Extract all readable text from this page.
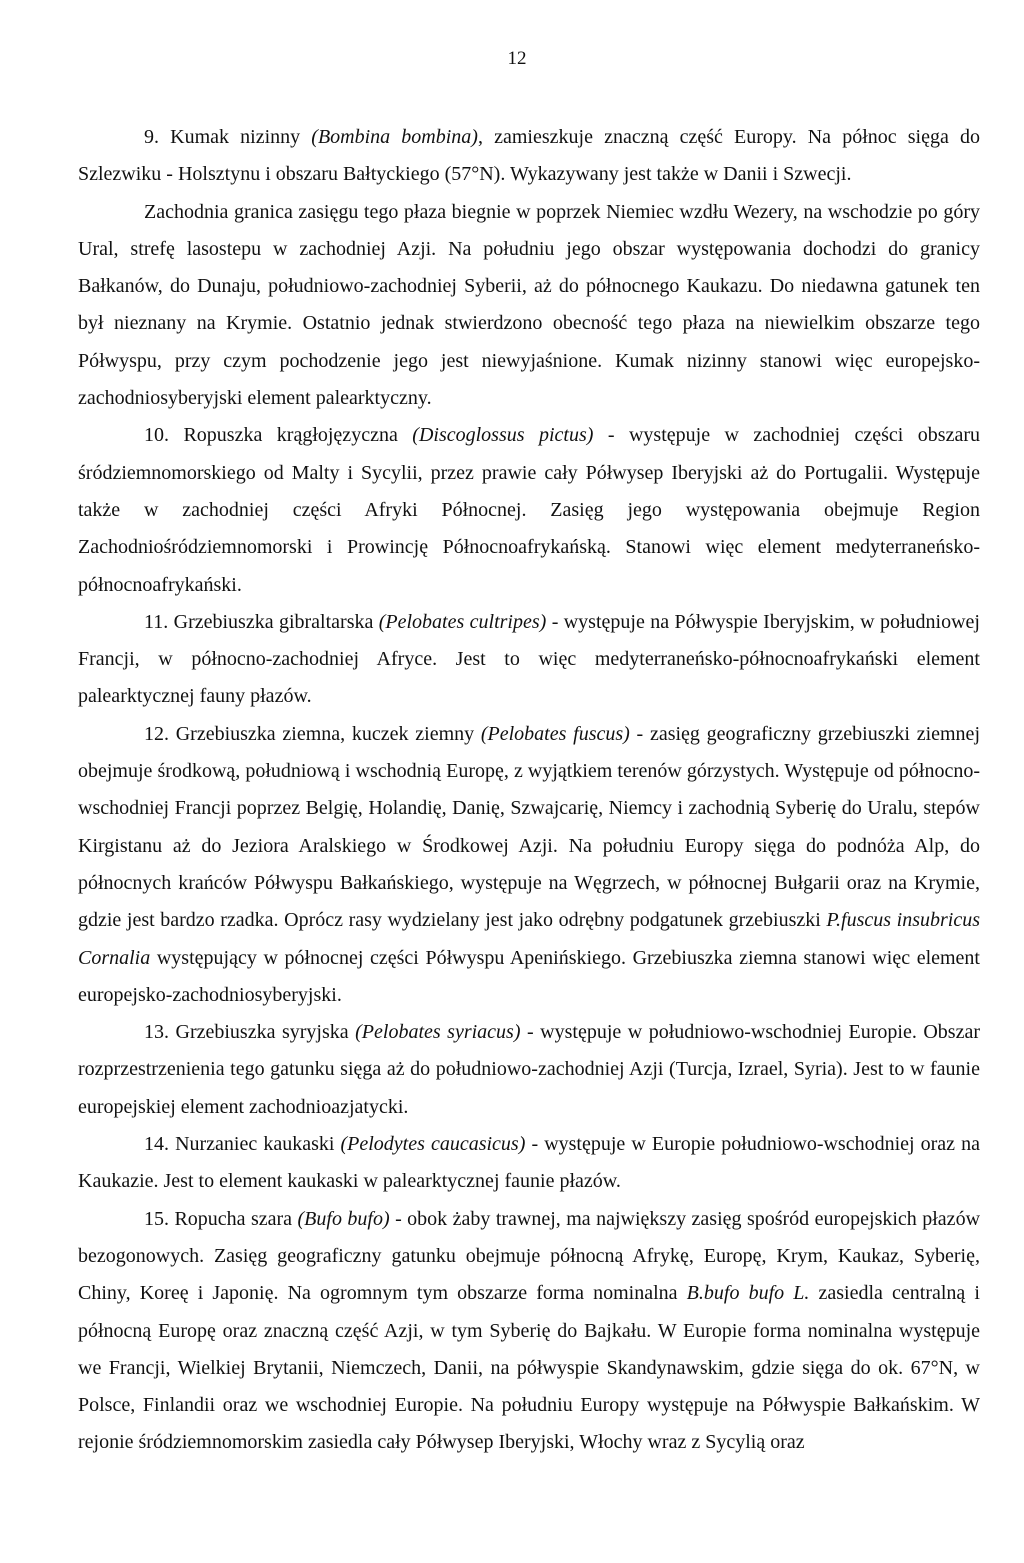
12

9. Kumak nizinny (Bombina bombina), zamieszkuje znaczną część Europy. Na północ sięga do Szlezwiku - Holsztynu i obszaru Bałtyckiego (57°N). Wykazywany jest także w Danii i Szwecji.

Zachodnia granica zasięgu tego płaza biegnie w poprzek Niemiec wzdłu Wezery, na wschodzie po góry Ural, strefę lasostepu w zachodniej Azji. Na południu jego obszar występowania dochodzi do granicy Bałkanów, do Dunaju, południowo-zachodniej Syberii, aż do północnego Kaukazu. Do niedawna gatunek ten był nieznany na Krymie. Ostatnio jednak stwierdzono obecność tego płaza na niewielkim obszarze tego Półwyspu, przy czym pochodzenie jego jest niewyjaśnione. Kumak nizinny stanowi więc europejsko-zachodniosyberyjski element palearktyczny.

10. Ropuszka krągłojęzyczna (Discoglossus pictus) - występuje w zachodniej części obszaru śródziemnomorskiego od Malty i Sycylii, przez prawie cały Półwysep Iberyjski aż do Portugalii. Występuje także w zachodniej części Afryki Północnej. Zasięg jego występowania obejmuje Region Zachodniośródziemnomorski i Prowincję Północnoafrykańską. Stanowi więc element medyterraneńsko-północnoafrykański.

11. Grzebiuszka gibraltarska (Pelobates cultripes) - występuje na Półwyspie Iberyjskim, w południowej Francji, w północno-zachodniej Afryce. Jest to więc medyterraneńsko-północnoafrykański element palearktycznej fauny płazów.

12. Grzebiuszka ziemna, kuczek ziemny (Pelobates fuscus) - zasięg geograficzny grzebiuszki ziemnej obejmuje środkową, południową i wschodnią Europę, z wyjątkiem terenów górzystych. Występuje od północno-wschodniej Francji poprzez Belgię, Holandię, Danię, Szwajcarię, Niemcy i zachodnią Syberię do Uralu, stepów Kirgistanu aż do Jeziora Aralskiego w Środkowej Azji. Na południu Europy sięga do podnóża Alp, do północnych krańców Półwyspu Bałkańskiego, występuje na Węgrzech, w północnej Bułgarii oraz na Krymie, gdzie jest bardzo rzadka. Oprócz rasy wydzielany jest jako odrębny podgatunek grzebiuszki P.fuscus insubricus Cornalia występujący w północnej części Półwyspu Apenińskiego. Grzebiuszka ziemna stanowi więc element europejsko-zachodniosyberyjski.

13. Grzebiuszka syryjska (Pelobates syriacus) - występuje w południowo-wschodniej Europie. Obszar rozprzestrzenienia tego gatunku sięga aż do południowo-zachodniej Azji (Turcja, Izrael, Syria). Jest to w faunie europejskiej element zachodnioazjatycki.

14. Nurzaniec kaukaski (Pelodytes caucasicus) - występuje w Europie południowo-wschodniej oraz na Kaukazie. Jest to element kaukaski w palearktycznej faunie płazów.

15. Ropucha szara (Bufo bufo) - obok żaby trawnej, ma największy zasięg spośród europejskich płazów bezogonowych. Zasięg geograficzny gatunku obejmuje północną Afrykę, Europę, Krym, Kaukaz, Syberię, Chiny, Koreę i Japonię. Na ogromnym tym obszarze forma nominalna B.bufo bufo L. zasiedla centralną i północną Europę oraz znaczną część Azji, w tym Syberię do Bajkału. W Europie forma nominalna występuje we Francji, Wielkiej Brytanii, Niemczech, Danii, na półwyspie Skandynawskim, gdzie sięga do ok. 67°N, w Polsce, Finlandii oraz we wschodniej Europie. Na południu Europy występuje na Półwyspie Bałkańskim. W rejonie śródziemnomorskim zasiedla cały Półwysep Iberyjski, Włochy wraz z Sycylią oraz
